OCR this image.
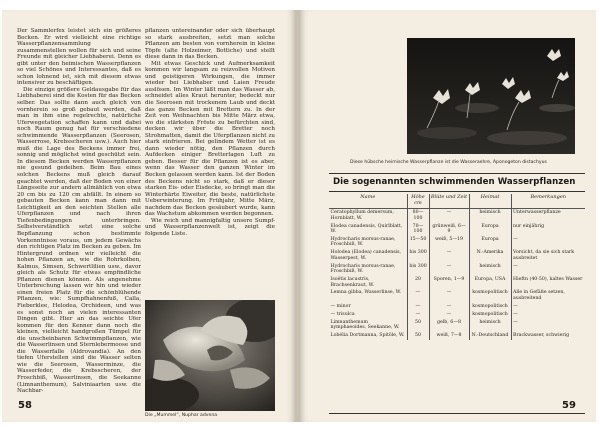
Der Sammlerfex leistet sich ein größeres Becken. Er wird vielleicht eine richtige Wasserpflanzensammlung zusammenstellen wollen für sich und seine Freunde mit gleicher Liebhaberei. Denn es gibt unter den heimischen Wasserpflanzen so viel Schönes und Interessantes, daß es schon lohnend ist, sich mit diesem etwas intensiver zu beschäftigen.

Die einzige größere Geldausgabe für das Liebhaberei sind die Kosten für das Becken selber. Das sollte dann auch gleich von vornherein so groß gebaut werden, daß man in ihm eine regelrechte, natürliche Uferwegetation schaffen kann und dabei noch Raum genug hat für verschiedene schwimmende Wasserpflanzen (Seerosen, Wasserrose, Krebsscheren usw.). Auch hier muß die Lage des Beckens immer frei, sonnig und möglichst wind geschützt sein. In diesem Becken werden Wasserpflanzen nie gesund gedeihen. Beim Bau eines solchen Beckens muß gleich darauf geachtet werden, daß der Boden von einer Längsseite zur andern allmählich von etwa 20 cm bis zu 120 cm abfällt. In einem so gebauten Becken kann man dann mit Leichtigkeit an den seichten Stellen alle Uferpflanzen und nach ihren Tiefenbedingungen unterbringen. Selbstverständlich setzt eine solche Bepflanzung schon bestimmte Vorkenntnisse voraus, um jedem Gewächs den richtigen Platz im Becken zu geben. Im Hintergrund ordnen wir vielleicht die hohen Pflanzen an, wie die Rohrkolben, Kalmus, Simsen, Schwertlilien usw., davor gleich als Schutz für etwas empfindliche Pflanzen dienen können. Als angenehme Unterbrechung lassen wir hin und wieder einen freien Platz für die schönblühende Pflanzen, wie: Sumpfhahnenfuß, Calla, Fieberklee, Helodea, Orchideen, und was es sonst noch an vielen interessanten Dingen gibt. Hier an das seichte Ufer kommen für den Kenner dann noch die kleinen, vielleicht handgroßen Tümpel für die unscheinbaren Schwimmpflanzen, wie die Wasserlinsen und Sternlebermoose und die Wasserfalle (Aldrovandia). An den tiefen Uferstellen sind die Wasser selten wie die Seerosen, Wasserminze, die Wasserfeder, die Krebsscheren, der Froschbiß, Wasserlinsen, die Seekanne (Limnanthemum), Salviniaarten usw. die Nachbar-

pflanzen untereinander oder sich überhaupt so stark ausbreiten, setzt man solche Pflanzen am besten von vornherein in kleine Töpfe (alte Holzeimer, Bottiche) und stellt diese dann in das Becken.

Mit etwas Geschick und Aufmerksamkeit kommen wir langsam zu reizvollen Motiven und geistigeren Wirkungen, die immer wieder bei Liebhaber und Laien Freude auslösen. Im Winter läßt man das Wasser ab, schneidet alles Kraut herunter, bedeckt nur die Seerosen mit trockenem Laub und deckt das ganze Becken mit Brettern zu. In der Zeit von Weihnachten bis Mitte März etwa, wo die stärksten Fröste zu befürchten sind, decken wir über die Bretter noch Strohmatten, damit die Uferpflanzen nicht zu stark einfrieren. Bei gelindem Wetter ist es dann wieder nötig, den Pflanzen durch Aufdecken einiger Bretterlagen Luft zu geben. Besser für die Pflanzen ist es aber, wenn das Wasser den ganzen Winter im Becken gelassen werden kann. Ist der Boden des Beckens nicht so stark, daß er dieser starken Eis- oder Eisdecke, so bringt man die Winterhärte Eiweiter, die beste, natürlichste Ueberwinterung. Im Frühjahr, Mitte März, nachdem das Becken gesäubert wurde, kann das Wachstum abkommen werden begonnen.

Wie reich und mannigfaltig unsere Sumpf- und Wasserpflanzenwelt ist, zeigt die folgende Liste.

Die „Mummel“, Nuphar advena
58
Diese hübsche heimische Wasserpflanze ist die Wasseraehre, Aponogeton distachyus
Die sogenannten schwimmenden Wasserpflanzen
Name	Höhe cm	Blüte und Zeit	Heimat	Bemerkungen
Ceratophyllum demersum, Hornblatt, W.	80—100	—	heimisch	Unterwasserpflanze
Elodea canadensis, Quirlblatt, W.	70—100	grünweiß, 6—9	Europa	nur einjährig
Hydrocharis morsus-ranae, Froschbiß, W.	15—50	weiß, 5—19	Europa	—
Holodea (Elodea) canadensis, Wasserpest, W.	bis 300	—	N.-Amerika	Vorsicht, da sie sich stark ausbreitet
Hydrocharis morsus-ranae, Froschbiß, W.	bis 300	—	heimisch	—
Isoëtis lacustris, Brachsenkraut, W.	20	Sporen, 1—9	Europa, USA	Hieftn (40-50), kaltes Wasser
Lemna gibba, Wasserlinse, W.	—	—	kosmopolitisch	Alle in Gefäße setzen, ausbreitend
— minor	—	—	kosmopolitisch	—
— trisulca	—	—	kosmopolitisch	—
Limnanthemum nymphaeoides, Seekanne, W.	50	gelb, 6—8	heimisch	—
Lobélia Dortmanna, Spitöle, W.	50	weiß, 7—8	N.-Deutschland	Brackwasser, schwierig
59
